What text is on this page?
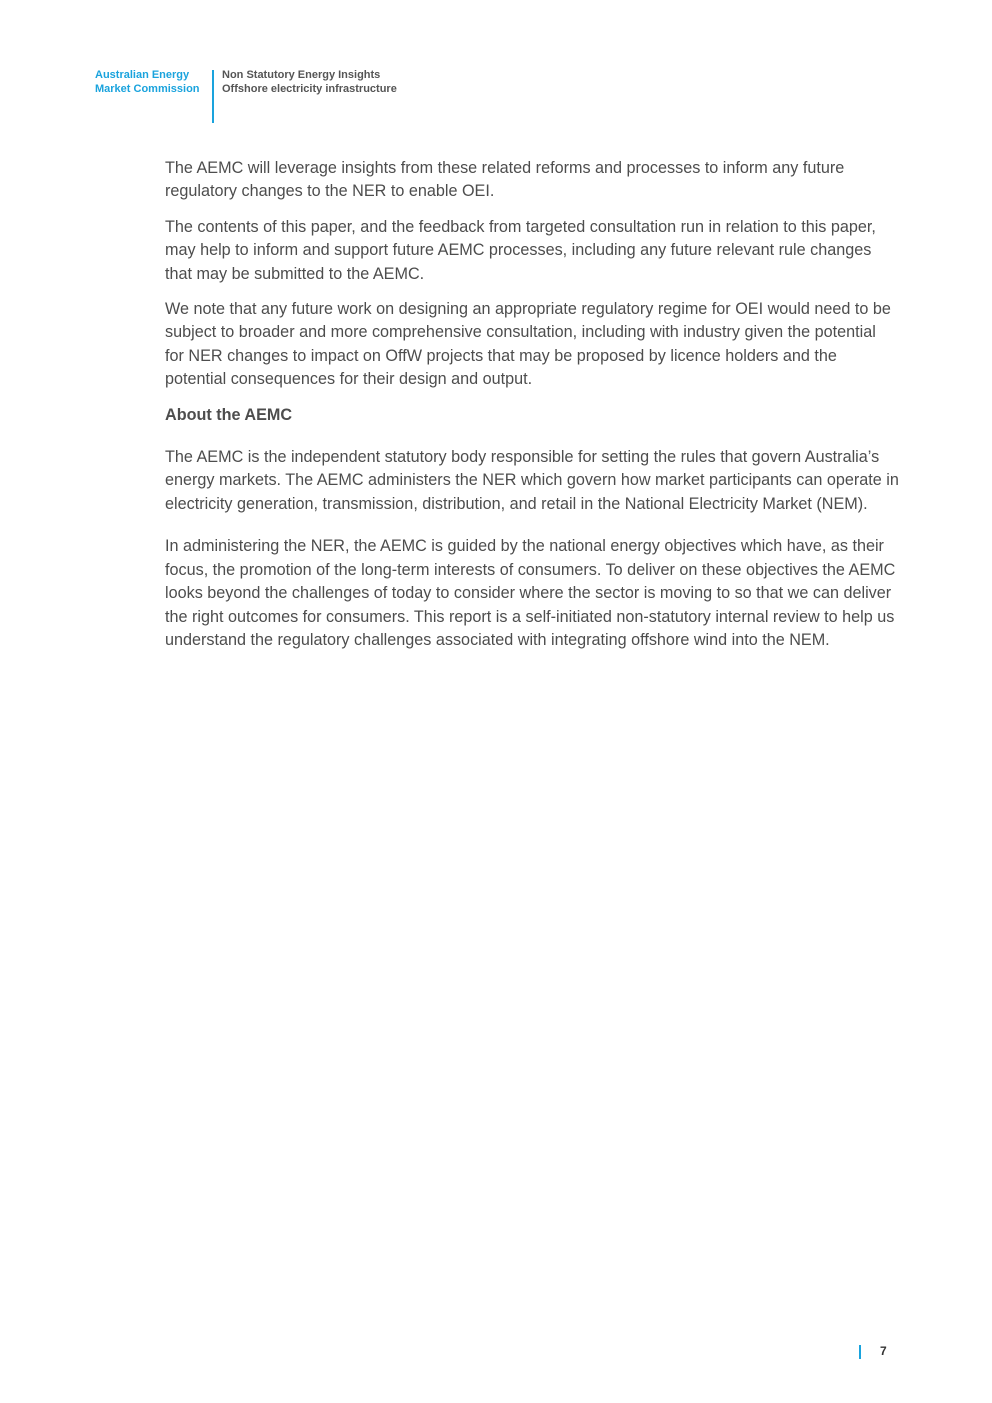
Australian Energy
Market Commission
Non Statutory Energy Insights
Offshore electricity infrastructure

The AEMC will leverage insights from these related reforms and processes to inform any future regulatory changes to the NER to enable OEI.

The contents of this paper, and the feedback from targeted consultation run in relation to this paper, may help to inform and support future AEMC processes, including any future relevant rule changes that may be submitted to the AEMC.

We note that any future work on designing an appropriate regulatory regime for OEI would need to be subject to broader and more comprehensive consultation, including with industry given the potential for NER changes to impact on OffW projects that may be proposed by licence holders and the potential consequences for their design and output.

About the AEMC

The AEMC is the independent statutory body responsible for setting the rules that govern Australia’s energy markets. The AEMC administers the NER which govern how market participants can operate in electricity generation, transmission, distribution, and retail in the National Electricity Market (NEM).

In administering the NER, the AEMC is guided by the national energy objectives which have, as their focus, the promotion of the long-term interests of consumers. To deliver on these objectives the AEMC looks beyond the challenges of today to consider where the sector is moving to so that we can deliver the right outcomes for consumers. This report is a self-initiated non-statutory internal review to help us understand the regulatory challenges associated with integrating offshore wind into the NEM.

7
